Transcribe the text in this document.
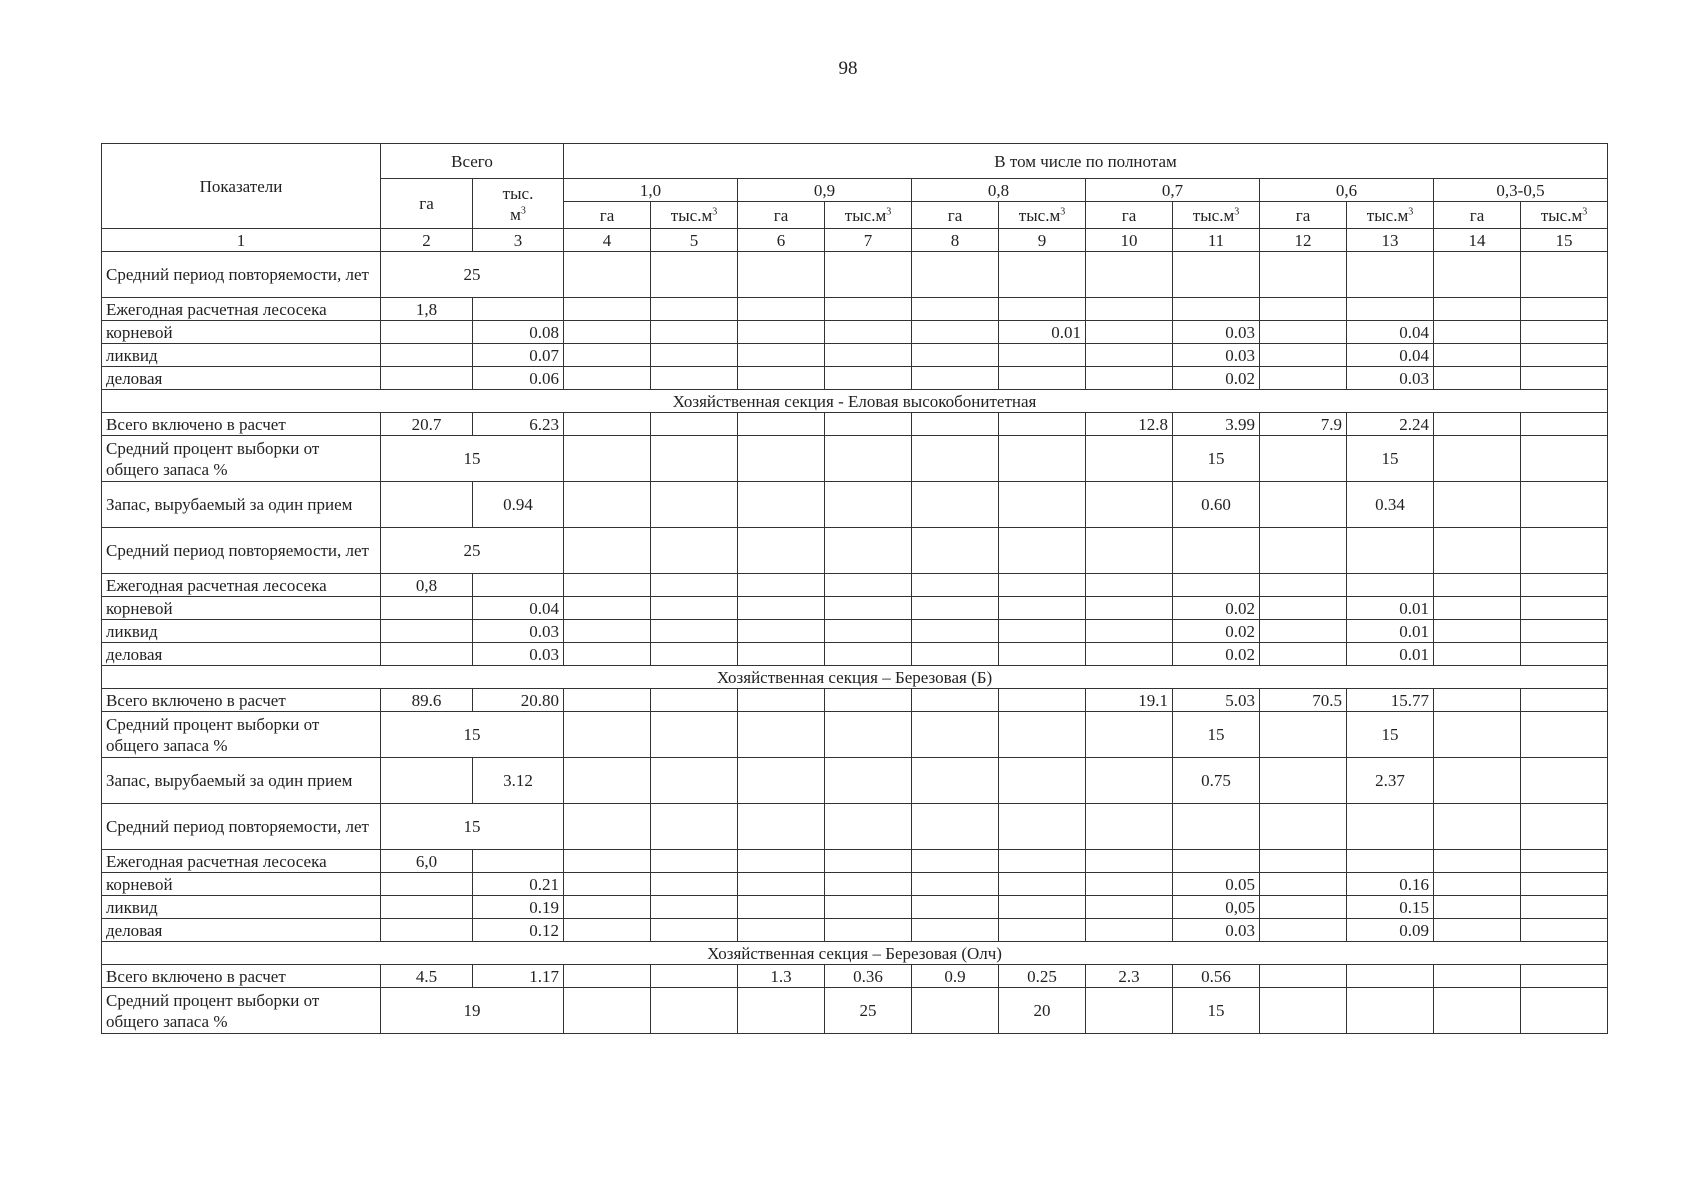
98
Показатели	Всего		В том числе по полнотам											
	га	тыс.
$м^3$	1,0		0,9		0,8		0,7		0,6		0,3-0,5	
			га	$тыс.м^3$	га	$тыс.м^3$	га	$тыс.м^3$	га	$тыс.м^3$	га	$тыс.м^3$	га	$тыс.м^3$
1	2	3	4	5	6	7	8	9	10	11	12	13	14	15
Средний период повторяемости, лет	25													
Ежегодная расчетная лесосека	1,8													
корневой		0.08						0.01		0.03		0.04		
ликвид		0.07								0.03		0.04		
деловая		0.06								0.02		0.03		
Хозяйственная секция - Еловая высокобонитетная														
Всего включено в расчет	20.7	6.23							12.8	3.99	7.9	2.24		
Средний процент выборки от общего запаса %	15									15		15		
Запас, вырубаемый за один прием		0.94								0.60		0.34		
Средний период повторяемости, лет	25													
Ежегодная расчетная лесосека	0,8													
корневой		0.04								0.02		0.01		
ликвид		0.03								0.02		0.01		
деловая		0.03								0.02		0.01		
Хозяйственная секция – Березовая (Б)														
Всего включено в расчет	89.6	20.80							19.1	5.03	70.5	15.77		
Средний процент выборки от общего запаса %	15									15		15		
Запас, вырубаемый за один прием		3.12								0.75		2.37		
Средний период повторяемости, лет	15													
Ежегодная расчетная лесосека	6,0													
корневой		0.21								0.05		0.16		
ликвид		0.19								0,05		0.15		
деловая		0.12								0.03		0.09		
Хозяйственная секция – Березовая (Олч)														
Всего включено в расчет	4.5	1.17			1.3	0.36	0.9	0.25	2.3	0.56				
Средний процент выборки от общего запаса %	19					25		20		15				
